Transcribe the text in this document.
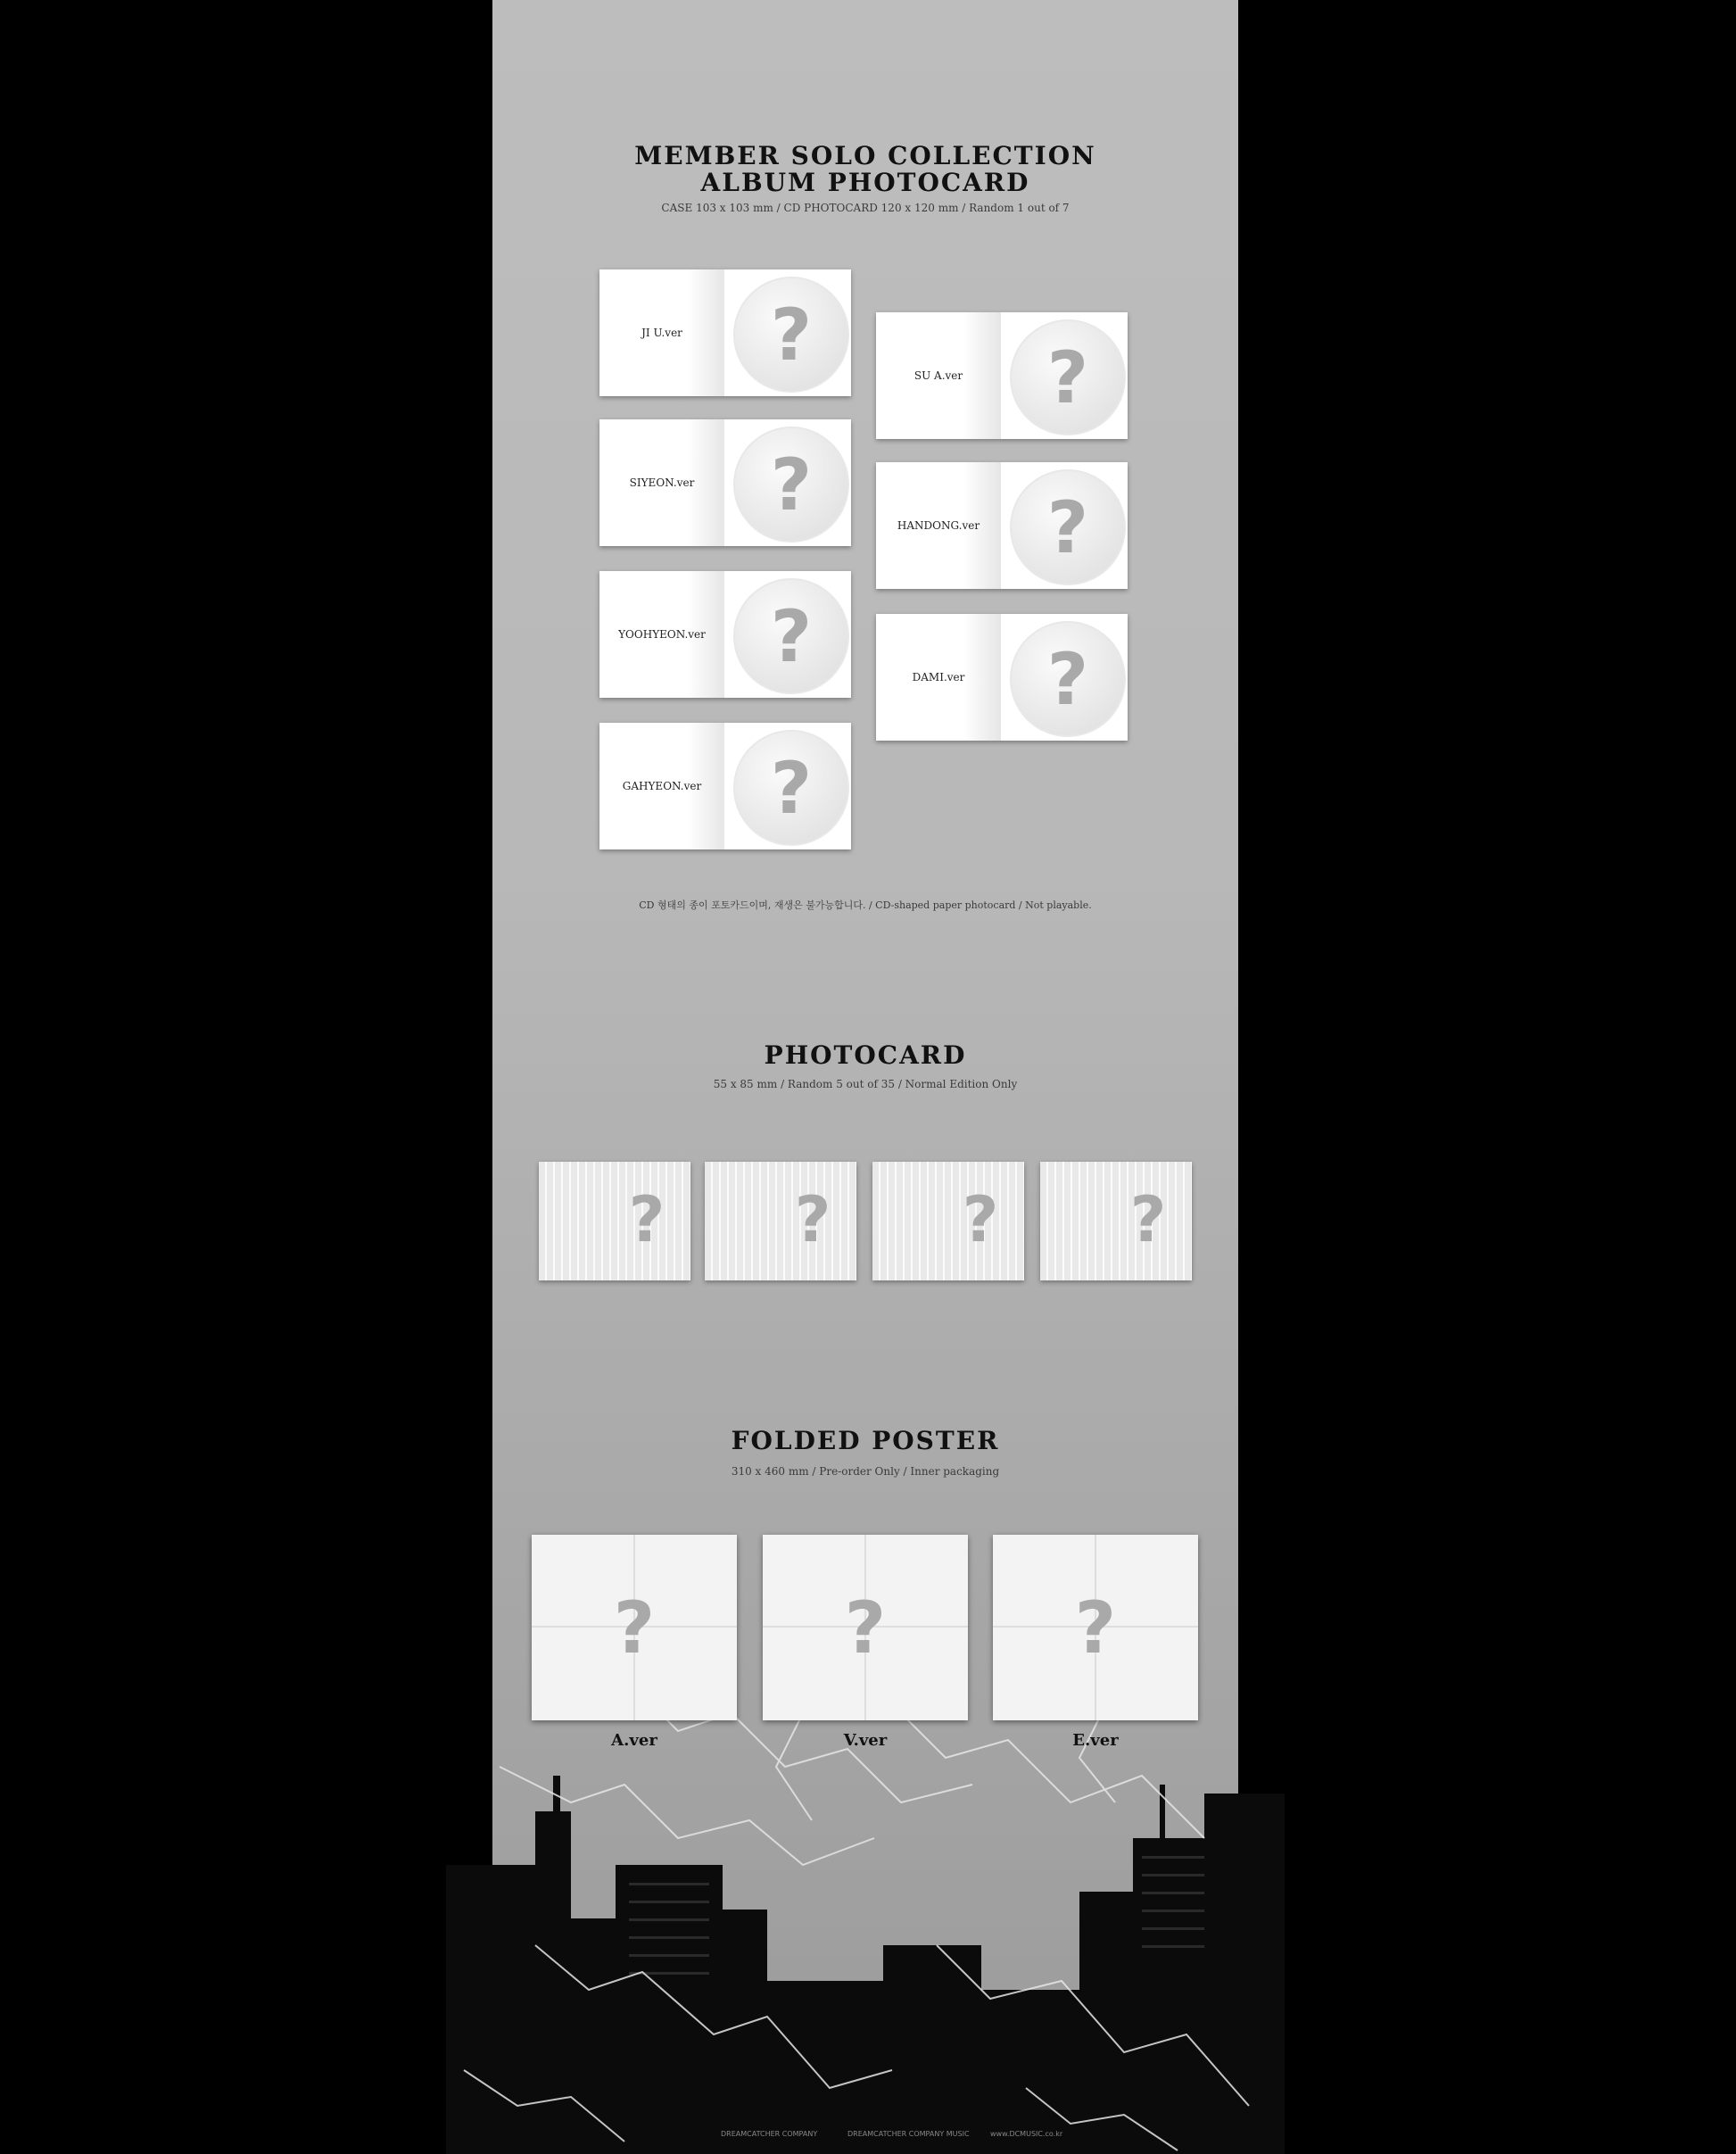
MEMBER SOLO COLLECTION
ALBUM PHOTOCARD
CASE 103 x 103 mm / CD PHOTOCARD 120 x 120 mm / Random 1 out of 7
JI U.ver	?	SU A.ver	?
SIYEON.ver	?	HANDONG.ver ?
YOOHYEON.ver ?	DAMI.ver	?
GAHYEON.ver ?
CD 형태의 종이 포토카드이며, 재생은 불가능합니다. / CD-shaped paper photocard / Not playable.
PHOTOCARD
55 x 85 mm / Random 5 out of 35 / Normal Edition Only
? ? ? ?
FOLDED POSTER
310 x 460 mm / Pre-order Only / Inner packaging
?	?	?
A.ver	V.ver	E.ver
DREAMCATCHER COMPANY	DREAMCATCHER COMPANY MUSIC	www.DCMUSIC.co.kr
